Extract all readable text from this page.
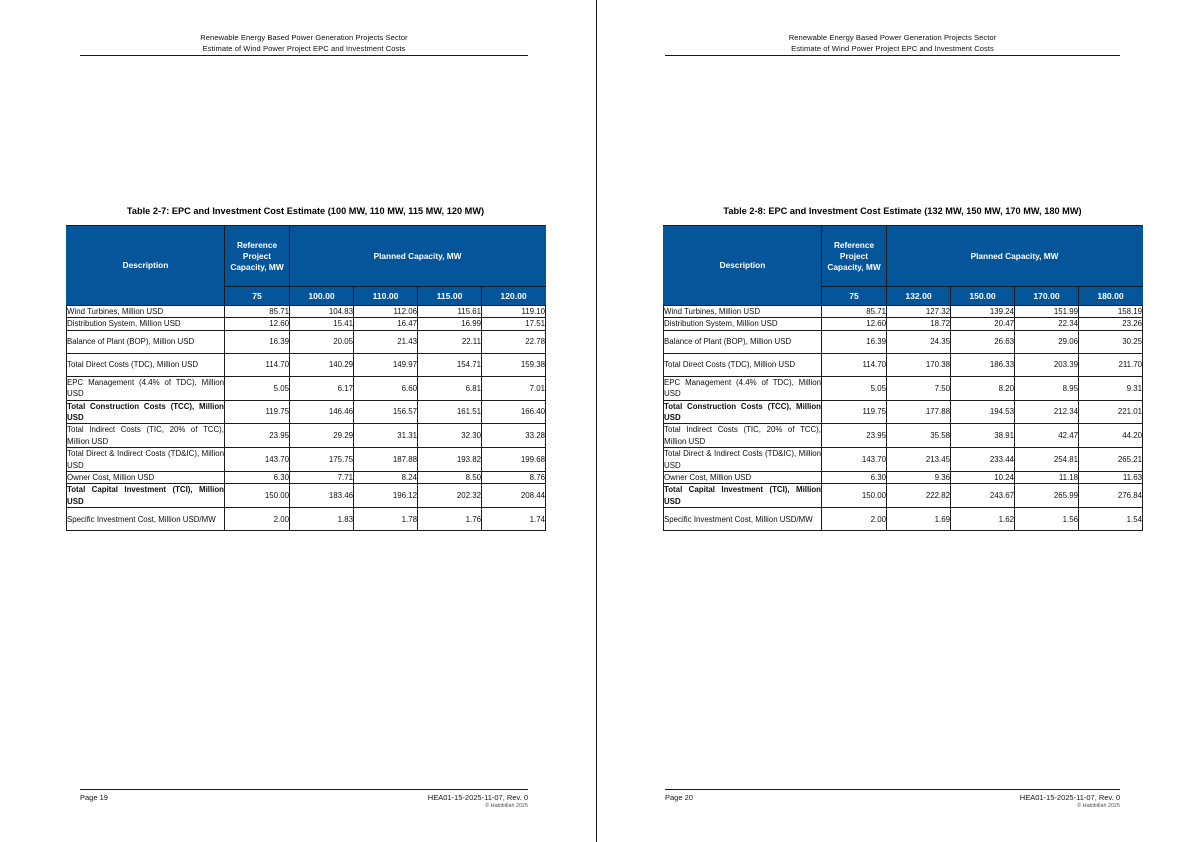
Renewable Energy Based Power Generation Projects Sector
Estimate of Wind Power Project EPC and Investment Costs
Table 2-7: EPC and Investment Cost Estimate (100 MW, 110 MW, 115 MW, 120 MW)
Description	Reference Project Capacity, MW	Planned Capacity, MW			
	75	100.00	110.00	115.00	120.00
Wind Turbines, Million USD	85.71	104.83	112.06	115.61	119.10
Distribution System, Million USD	12.60	15.41	16.47	16.99	17.51
Balance of Plant (BOP), Million USD	16.39	20.05	21.43	22.11	22.78
Total Direct Costs (TDC), Million USD	114.70	140.29	149.97	154.71	159.38
EPC Management (4.4% of TDC), Million USD	5.05	6.17	6.60	6.81	7.01
Total Construction Costs (TCC), Million USD	119.75	146.46	156.57	161.51	166.40
Total Indirect Costs (TIC, 20% of TCC), Million USD	23.95	29.29	31.31	32.30	33.28
Total Direct & Indirect Costs (TD&IC), Million USD	143.70	175.75	187.88	193.82	199.68
Owner Cost, Million USD	6.30	7.71	8.24	8.50	8.76
Total Capital Investment (TCI), Million USD	150.00	183.46	196.12	202.32	208.44
Specific Investment Cost, Million USD/MW	2.00	1.83	1.78	1.76	1.74
Page 19	HEA01-15-2025-11-07, Rev. 0
© Habibillah 2025
Renewable Energy Based Power Generation Projects Sector
Estimate of Wind Power Project EPC and Investment Costs
Table 2-8: EPC and Investment Cost Estimate (132 MW, 150 MW, 170 MW, 180 MW)
Description	Reference Project Capacity, MW	Planned Capacity, MW			
	75	132.00	150.00	170.00	180.00
Wind Turbines, Million USD	85.71	127.32	139.24	151.99	158.19
Distribution System, Million USD	12.60	18.72	20.47	22.34	23.26
Balance of Plant (BOP), Million USD	16.39	24.35	26.63	29.06	30.25
Total Direct Costs (TDC), Million USD	114.70	170.38	186.33	203.39	211.70
EPC Management (4.4% of TDC), Million USD	5.05	7.50	8.20	8.95	9.31
Total Construction Costs (TCC), Million USD	119.75	177.88	194.53	212.34	221.01
Total Indirect Costs (TIC, 20% of TCC), Million USD	23.95	35.58	38.91	42.47	44.20
Total Direct & Indirect Costs (TD&IC), Million USD	143.70	213.45	233.44	254.81	265.21
Owner Cost, Million USD	6.30	9.36	10.24	11.18	11.63
Total Capital Investment (TCI), Million USD	150.00	222.82	243.67	265.99	276.84
Specific Investment Cost, Million USD/MW	2.00	1.69	1.62	1.56	1.54
Page 20	HEA01-15-2025-11-07, Rev. 0
© Habibillah 2025
